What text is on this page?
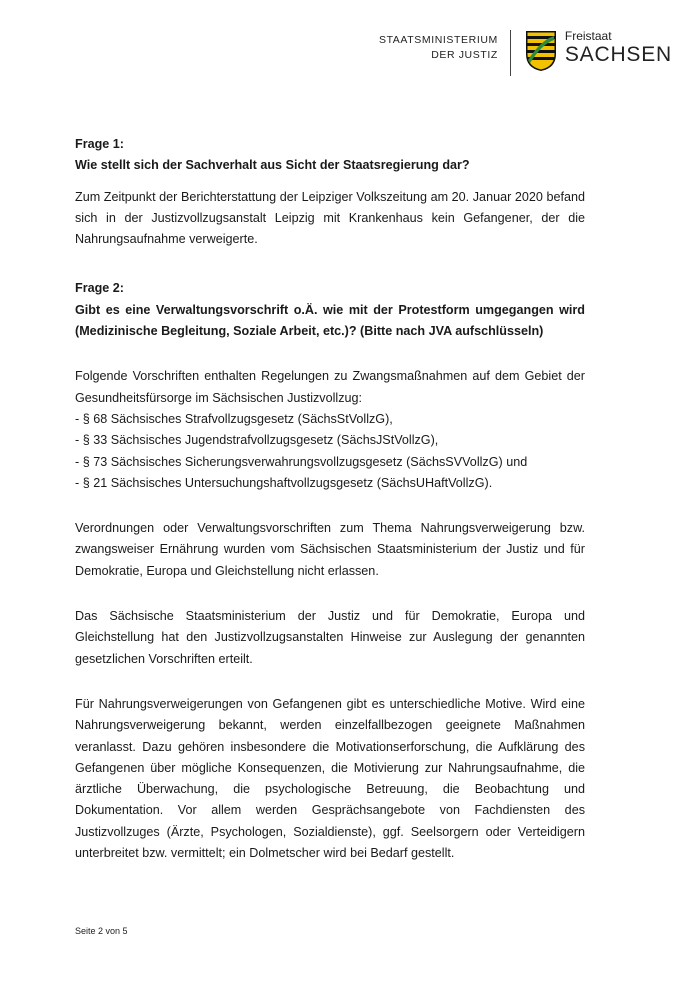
STAATSMINISTERIUM
DER JUSTIZ
Freistaat
SACHSEN

Frage 1:

Wie stellt sich der Sachverhalt aus Sicht der Staatsregierung dar?

Zum Zeitpunkt der Berichterstattung der Leipziger Volkszeitung am 20. Januar 2020 befand sich in der Justizvollzugsanstalt Leipzig mit Krankenhaus kein Gefangener, der die Nahrungsaufnahme verweigerte.

Frage 2:

Gibt es eine Verwaltungsvorschrift o.Ä. wie mit der Protestform umgegangen wird (Medizinische Begleitung, Soziale Arbeit, etc.)? (Bitte nach JVA aufschlüsseln)

Folgende Vorschriften enthalten Regelungen zu Zwangsmaßnahmen auf dem Gebiet der Gesundheitsfürsorge im Sächsischen Justizvollzug:

- § 68 Sächsisches Strafvollzugsgesetz (SächsStVollzG),

- § 33 Sächsisches Jugendstrafvollzugsgesetz (SächsJStVollzG),

- § 73 Sächsisches Sicherungsverwahrungsvollzugsgesetz (SächsSVVollzG) und

- § 21 Sächsisches Untersuchungshaftvollzugsgesetz (SächsUHaftVollzG).

Verordnungen oder Verwaltungsvorschriften zum Thema Nahrungsverweigerung bzw. zwangsweiser Ernährung wurden vom Sächsischen Staatsministerium der Justiz und für Demokratie, Europa und Gleichstellung nicht erlassen.

Das Sächsische Staatsministerium der Justiz und für Demokratie, Europa und Gleichstellung hat den Justizvollzugsanstalten Hinweise zur Auslegung der genannten gesetzlichen Vorschriften erteilt.

Für Nahrungsverweigerungen von Gefangenen gibt es unterschiedliche Motive. Wird eine Nahrungsverweigerung bekannt, werden einzelfallbezogen geeignete Maßnahmen veranlasst. Dazu gehören insbesondere die Motivationserforschung, die Aufklärung des Gefangenen über mögliche Konsequenzen, die Motivierung zur Nahrungsaufnahme, die ärztliche Überwachung, die psychologische Betreuung, die Beobachtung und Dokumentation. Vor allem werden Gesprächsangebote von Fachdiensten des Justizvollzuges (Ärzte, Psychologen, Sozialdienste), ggf. Seelsorgern oder Verteidigern unterbreitet bzw. vermittelt; ein Dolmetscher wird bei Bedarf gestellt.

Seite 2 von 5
